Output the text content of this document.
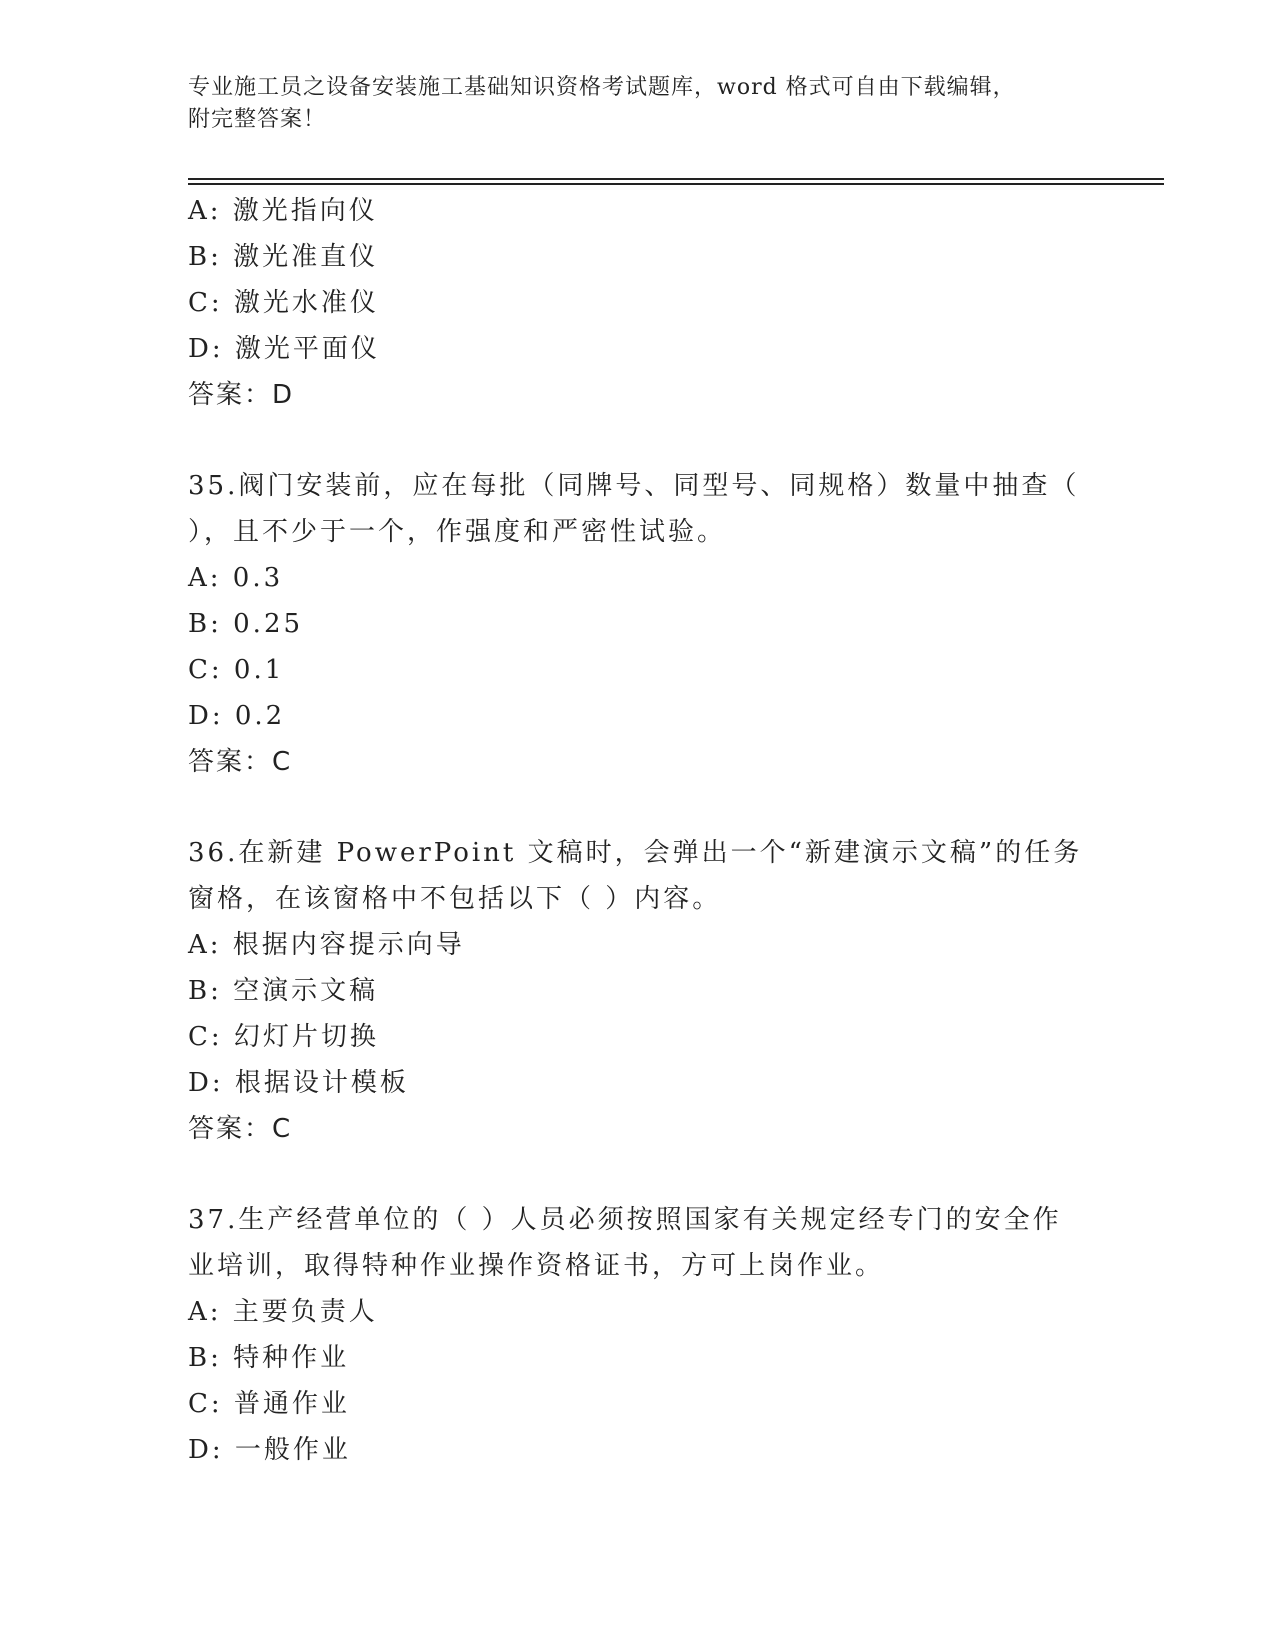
专业施工员之设备安装施工基础知识资格考试题库，word 格式可自由下载编辑，
附完整答案！
A: 激光指向仪
B: 激光准直仪
C: 激光水准仪
D: 激光平面仪
答案：D
35.阀门安装前，应在每批（同牌号、同型号、同规格）数量中抽查（
），且不少于一个，作强度和严密性试验。
A: 0.3
B: 0.25
C: 0.1
D: 0.2
答案：C
36.在新建 PowerPoint 文稿时，会弹出一个“新建演示文稿”的任务
窗格，在该窗格中不包括以下（ ）内容。
A: 根据内容提示向导
B: 空演示文稿
C: 幻灯片切换
D: 根据设计模板
答案：C
37.生产经营单位的（ ）人员必须按照国家有关规定经专门的安全作
业培训，取得特种作业操作资格证书，方可上岗作业。
A: 主要负责人
B: 特种作业
C: 普通作业
D: 一般作业
